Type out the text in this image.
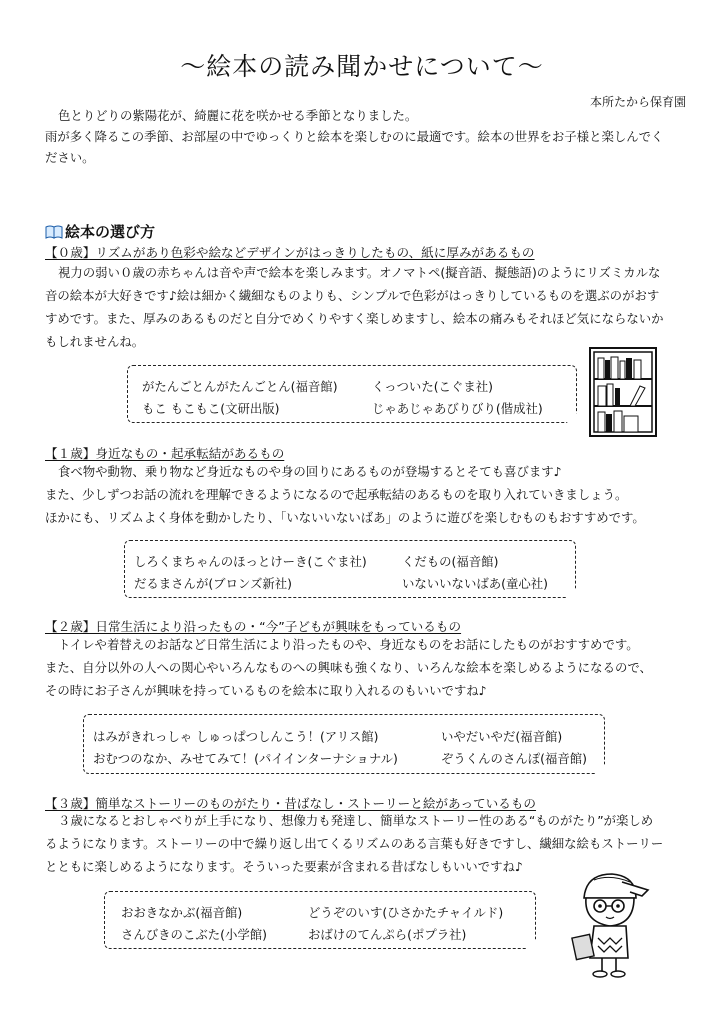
～絵本の読み聞かせについて～
本所たから保育園
色とりどりの紫陽花が、綺麗に花を咲かせる季節となりました。
雨が多く降るこの季節、お部屋の中でゆっくりと絵本を楽しむのに最適です。絵本の世界をお子様と楽しんでく
ださい。
絵本の選び方
【０歳】リズムがあり色彩や絵などデザインがはっきりしたもの、紙に厚みがあるもの
視力の弱い０歳の赤ちゃんは音や声で絵本を楽しみます。オノマトペ(擬音語、擬態語)のようにリズミカルな
音の絵本が大好きです♪絵は細かく繊細なものよりも、シンプルで色彩がはっきりしているものを選ぶのがおす
すめです。また、厚みのあるものだと自分でめくりやすく楽しめますし、絵本の痛みもそれほど気にならないか
もしれませんね。
がたんごとんがたんごとん(福音館)	くっついた(こぐま社)
もこ もこもこ(文研出版)	じゃあじゃあびりびり(偕成社)
【１歳】身近なもの・起承転結があるもの
食べ物や動物、乗り物など身近なものや身の回りにあるものが登場するとそても喜びます♪
また、少しずつお話の流れを理解できるようになるので起承転結のあるものを取り入れていきましょう。
ほかにも、リズムよく身体を動かしたり、「いないいないばあ」のように遊びを楽しむものもおすすめです。
しろくまちゃんのほっとけーき(こぐま社)	くだもの(福音館)
だるまさんが(ブロンズ新社)	いないいないばあ(童心社)
【２歳】日常生活により沿ったもの・“今”子どもが興味をもっているもの
トイレや着替えのお話など日常生活により沿ったものや、身近なものをお話にしたものがおすすめです。
また、自分以外の人への関心やいろんなものへの興味も強くなり、いろんな絵本を楽しめるようになるので、
その時にお子さんが興味を持っているものを絵本に取り入れるのもいいですね♪
はみがきれっしゃ しゅっぱつしんこう！(アリス館)	いやだいやだ(福音館)
おむつのなか、みせてみて！(パイインターナショナル)	ぞうくんのさんぽ(福音館)
【３歳】簡単なストーリーのものがたり・昔ばなし・ストーリーと絵があっているもの
３歳になるとおしゃべりが上手になり、想像力も発達し、簡単なストーリー性のある“ものがたり”が楽しめ
るようになります。ストーリーの中で繰り返し出てくるリズムのある言葉も好きですし、繊細な絵もストーリー
とともに楽しめるようになります。そういった要素が含まれる昔ばなしもいいですね♪
おおきなかぶ(福音館)	どうぞのいす(ひさかたチャイルド)
さんびきのこぶた(小学館)	おばけのてんぷら(ポプラ社)
